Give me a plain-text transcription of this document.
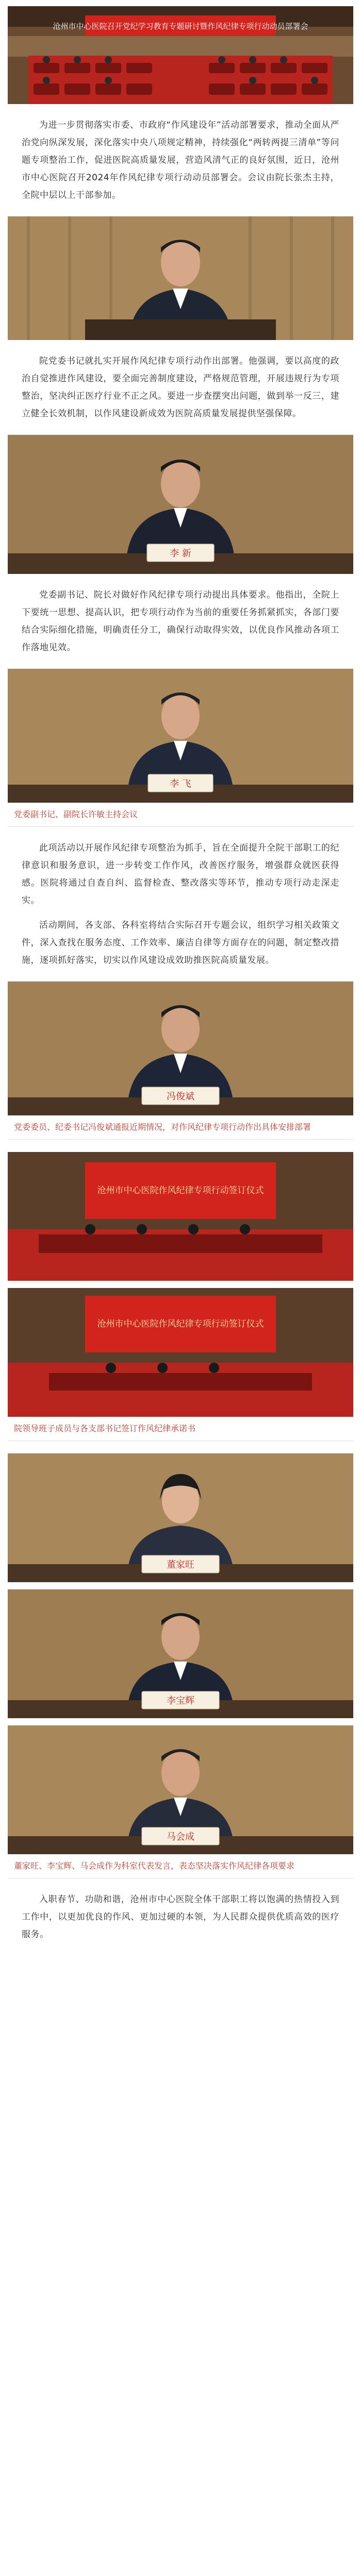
沧州市中心医院召开党纪学习教育专题研讨暨作风纪律专项行动动员部署会

为进一步贯彻落实市委、市政府“作风建设年”活动部署要求，推动全面从严治党向纵深发展，深化落实中央八项规定精神，持续强化“两转两提三清单”等问题专项整治工作，促进医院高质量发展，营造风清气正的良好氛围，近日，沧州市中心医院召开2024年作风纪律专项行动动员部署会。会议由院长张杰主持，全院中层以上干部参加。

院党委书记就扎实开展作风纪律专项行动作出部署。他强调，要以高度的政治自觉推进作风建设，要全面完善制度建设，严格规范管理，开展违规行为专项整治，坚决纠正医疗行业不正之风。要进一步查摆突出问题，做到举一反三，建立健全长效机制，以作风建设新成效为医院高质量发展提供坚强保障。

李 新

党委副书记、院长对做好作风纪律专项行动提出具体要求。他指出，全院上下要统一思想、提高认识，把专项行动作为当前的重要任务抓紧抓实，各部门要结合实际细化措施，明确责任分工，确保行动取得实效，以优良作风推动各项工作落地见效。

李 飞
党委副书记、副院长许敏主持会议

此项活动以开展作风纪律专项整治为抓手，旨在全面提升全院干部职工的纪律意识和服务意识，进一步转变工作作风，改善医疗服务，增强群众就医获得感。医院将通过自查自纠、监督检查、整改落实等环节，推动专项行动走深走实。

活动期间，各支部、各科室将结合实际召开专题会议，组织学习相关政策文件，深入查找在服务态度、工作效率、廉洁自律等方面存在的问题，制定整改措施，逐项抓好落实，切实以作风建设成效助推医院高质量发展。

冯俊斌
党委委员、纪委书记冯俊斌通报近期情况，对作风纪律专项行动作出具体安排部署
沧州市中心医院作风纪律专项行动签订仪式
沧州市中心医院作风纪律专项行动签订仪式
院领导班子成员与各支部书记签订作风纪律承诺书
董家旺
李宝辉
马会成
董家旺、李宝辉、马会成作为科室代表发言，表态坚决落实作风纪律各项要求

入职春节、功勋和谐，沧州市中心医院全体干部职工将以饱满的热情投入到工作中，以更加优良的作风、更加过硬的本领，为人民群众提供优质高效的医疗服务。
